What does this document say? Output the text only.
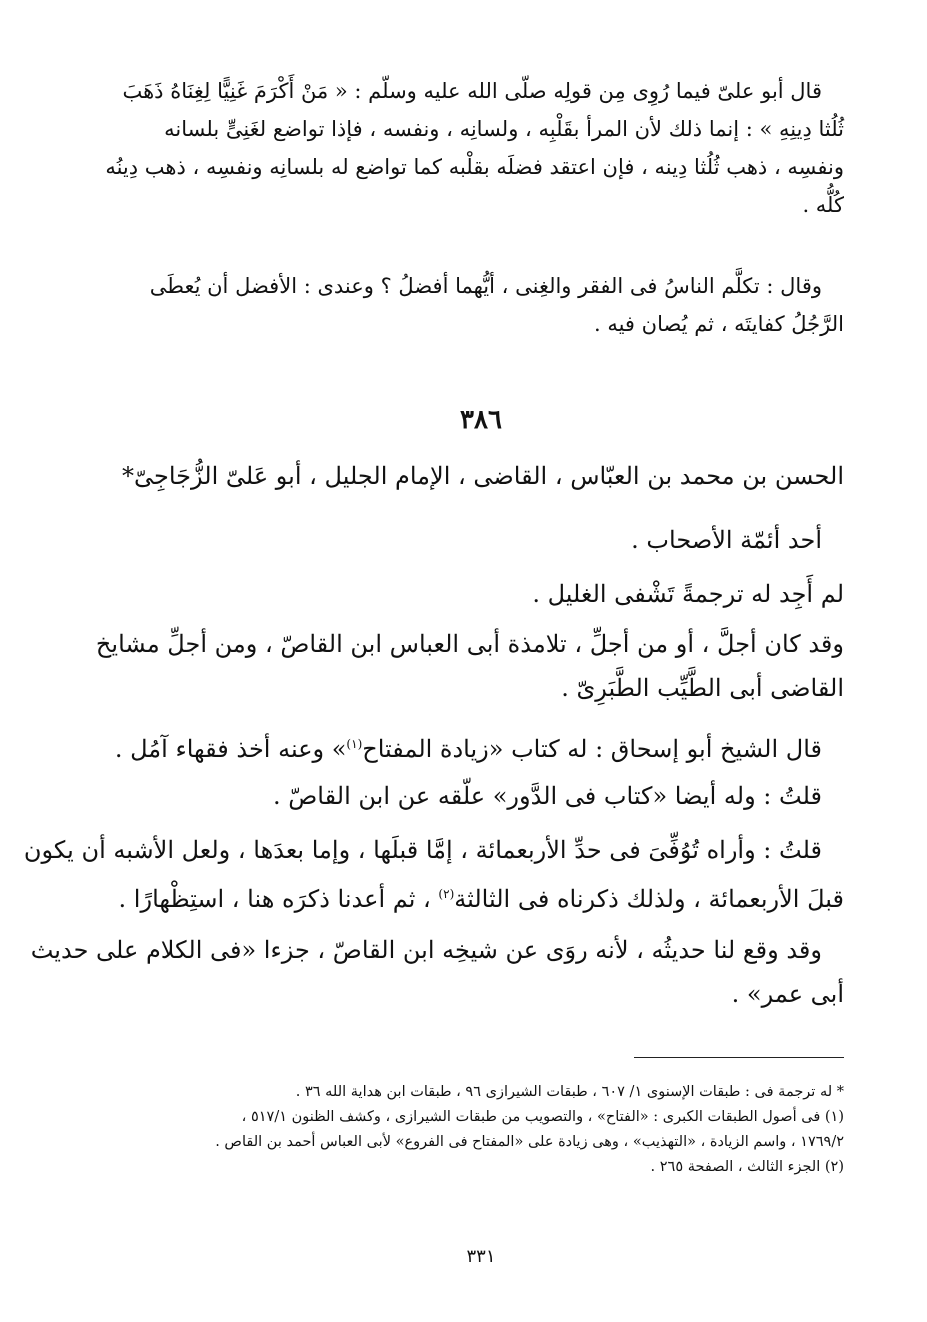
قال أبو علىّ فيما رُوِى مِن قولِه صلّى الله عليه وسلّم : « مَنْ أَكْرَمَ غَنِيًّا لِغِنَاهُ ذَهَبَ
ثُلُثا دِينِهِ » : إنما ذلك لأن المرأ بقَلْبِه ، ولسانِه ، ونفسه ، فإذا تواضع لغَنِىٍّ بلسانه
ونفسِه ، ذهب ثُلُثا دِينه ، فإن اعتقد فضلَه بقلْبه كما تواضع له بلسانِه ونفسِه ، ذهب دِينُه
كُلُّه .
وقال : تكلَّم الناسُ فى الفقر والغِنى ، أيُّهما أفضلُ ؟ وعندى : الأفضل أن يُعطَى
الرَّجُلُ كفايتَه ، ثم يُصان فيه .
٣٨٦
الحسن بن محمد بن العبّاس ، القاضى ، الإمام الجليل ، أبو عَلىّ الزُّجَاجِىّ*
أحد أئمّة الأصحاب .
لم أَجِد له ترجمةً تَشْفى الغليل .
وقد كان أجلَّ ، أو من أجلِّ ، تلامذة أبى العباس ابن القاصّ ، ومن أجلِّ مشايخ
القاضى أبى الطَّيِّب الطَّبَرِىّ .
قال الشيخ أبو إسحاق : له كتاب «زيادة المفتاح$^{(١)}$» وعنه أخذ فقهاء آمُل .
قلتُ : وله أيضا «كتاب فى الدَّور» علّقه عن ابن القاصّ .
قلتُ : وأراه تُوُفِّىَ فى حدِّ الأربعمائة ، إمَّا قبلَها ، وإما بعدَها ، ولعل الأشبه أن يكون
قبلَ الأربعمائة ، ولذلك ذكرناه فى الثالثة$^{(٢)}$ ، ثم أعدنا ذكرَه هنا ، استِظْهارًا .
وقد وقع لنا حديثُه ، لأنه روَى عن شيخِه ابن القاصّ ، جزءا «فى الكلام على حديث
أبى عمر» .
* له ترجمة فى : طبقات الإسنوى ١/ ٦٠٧ ، طبقات الشيرازى ٩٦ ، طبقات ابن هداية الله ٣٦ .
(١) فى أصول الطبقات الكبرى : «الفتاح» ، والتصويب من طبقات الشيرازى ، وكشف الظنون ٥١٧/١ ،
١٧٦٩/٢ ، واسم الزيادة ، «التهذيب» ، وهى زيادة على «المفتاح فى الفروع» لأبى العباس أحمد بن القاص .
(٢) الجزء الثالث ، الصفحة ٢٦٥ .
٣٣١
